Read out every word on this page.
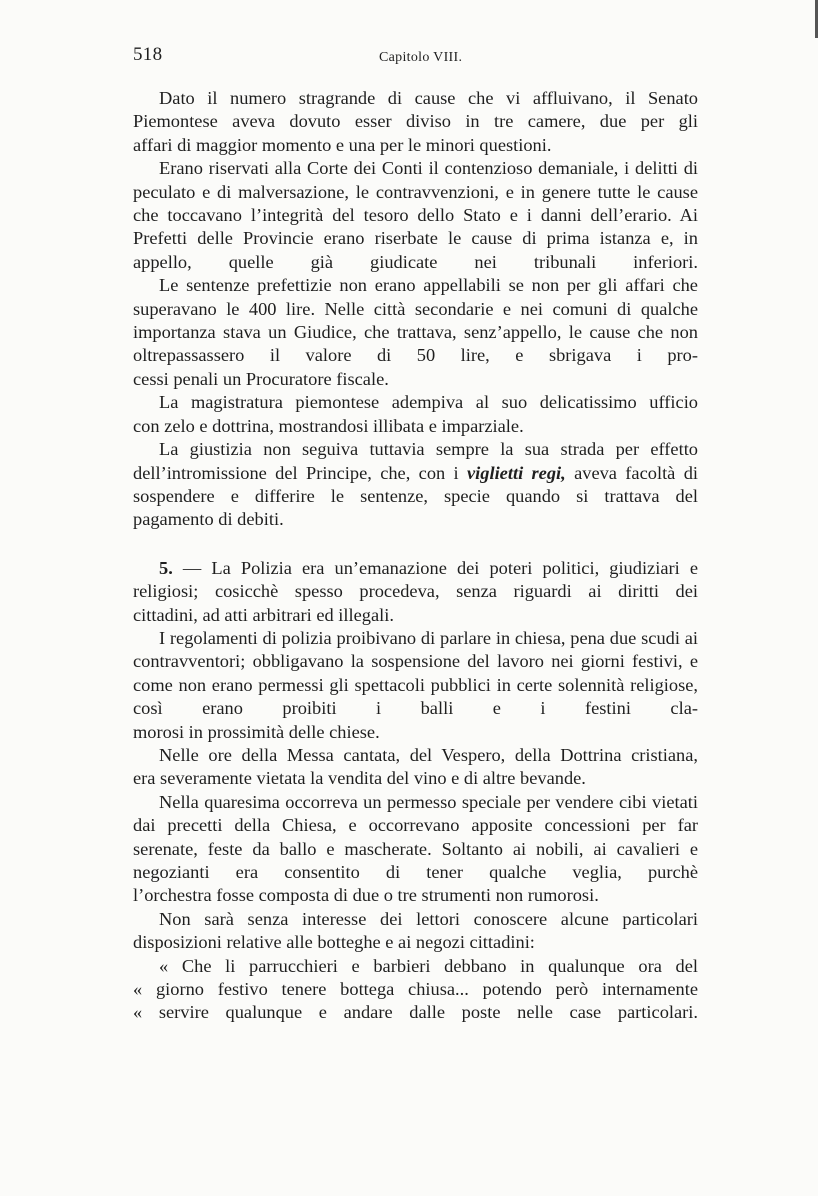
518	Capitolo VIII.

Dato il numero stragrande di cause che vi affluivano, il Senato Piemontese aveva dovuto esser diviso in tre camere, due per gli

affari di maggior momento e una per le minori questioni.

Erano riservati alla Corte dei Conti il contenzioso demaniale, i delitti di peculato e di malversazione, le contravvenzioni, e in genere tutte le cause che toccavano l’integrità del tesoro dello Stato e i danni dell’erario. Ai Prefetti delle Provincie erano riserbate le cause di prima istanza e, in appello, quelle già giudicate nei tribunali inferiori.

Le sentenze prefettizie non erano appellabili se non per gli affari che superavano le 400 lire. Nelle città secondarie e nei comuni di qualche importanza stava un Giudice, che trattava, senz’appello, le cause che non oltrepassassero il valore di 50 lire, e sbrigava i pro-

cessi penali un Procuratore fiscale.

La magistratura piemontese adempiva al suo delicatissimo ufficio

con zelo e dottrina, mostrandosi illibata e imparziale.

La giustizia non seguiva tuttavia sempre la sua strada per effetto dell’intromissione del Principe, che, con i viglietti regi, aveva facoltà di sospendere e differire le sentenze, specie quando si trattava del

pagamento di debiti.

5. — La Polizia era un’emanazione dei poteri politici, giudiziari e religiosi; cosicchè spesso procedeva, senza riguardi ai diritti dei

cittadini, ad atti arbitrari ed illegali.

I regolamenti di polizia proibivano di parlare in chiesa, pena due scudi ai contravventori; obbligavano la sospensione del lavoro nei giorni festivi, e come non erano permessi gli spettacoli pubblici in certe solennità religiose, così erano proibiti i balli e i festini cla-

morosi in prossimità delle chiese.

Nelle ore della Messa cantata, del Vespero, della Dottrina cristiana,

era severamente vietata la vendita del vino e di altre bevande.

Nella quaresima occorreva un permesso speciale per vendere cibi vietati dai precetti della Chiesa, e occorrevano apposite concessioni per far serenate, feste da ballo e mascherate. Soltanto ai nobili, ai cavalieri e negozianti era consentito di tener qualche veglia, purchè

l’orchestra fosse composta di due o tre strumenti non rumorosi.

Non sarà senza interesse dei lettori conoscere alcune particolari

disposizioni relative alle botteghe e ai negozi cittadini:

« Che li parrucchieri e barbieri debbano in qualunque ora del

« giorno festivo tenere bottega chiusa... potendo però internamente

« servire qualunque e andare dalle poste nelle case particolari.
